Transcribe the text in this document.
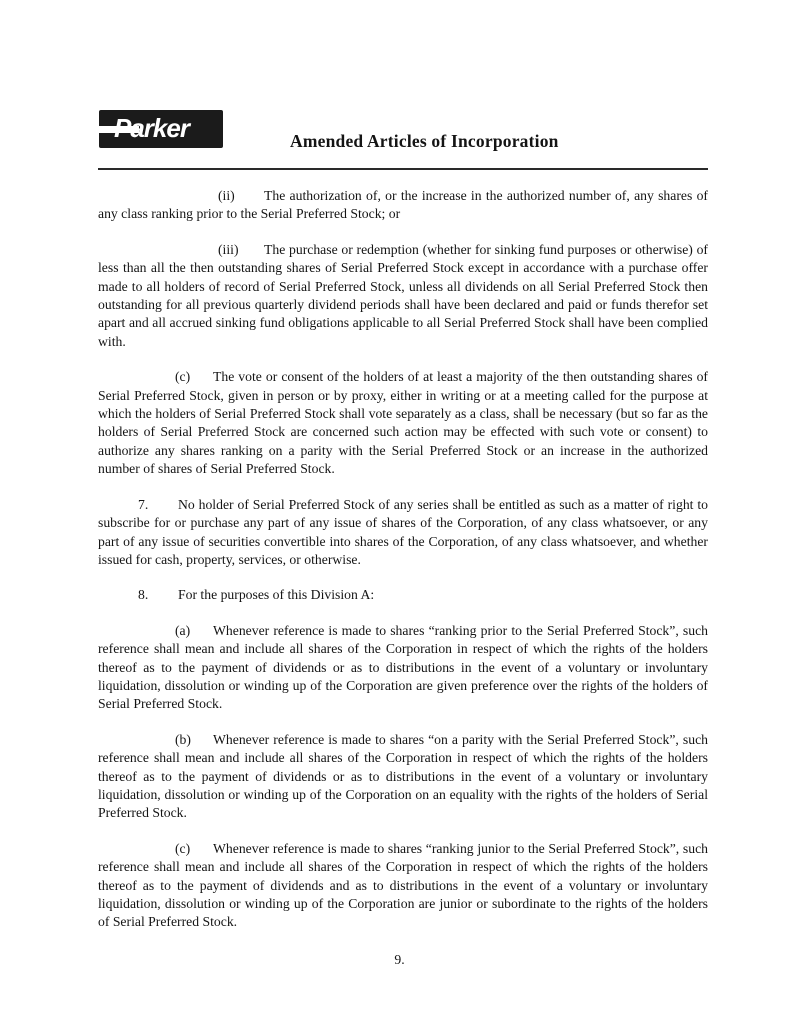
Parker	Amended Articles of Incorporation

(ii) The authorization of, or the increase in the authorized number of, any shares of any class ranking prior to the Serial Preferred Stock; or

(iii) The purchase or redemption (whether for sinking fund purposes or otherwise) of less than all the then outstanding shares of Serial Preferred Stock except in accordance with a purchase offer made to all holders of record of Serial Preferred Stock, unless all dividends on all Serial Preferred Stock then outstanding for all previous quarterly dividend periods shall have been declared and paid or funds therefor set apart and all accrued sinking fund obligations applicable to all Serial Preferred Stock shall have been complied with.

(c) The vote or consent of the holders of at least a majority of the then outstanding shares of Serial Preferred Stock, given in person or by proxy, either in writing or at a meeting called for the purpose at which the holders of Serial Preferred Stock shall vote separately as a class, shall be necessary (but so far as the holders of Serial Preferred Stock are concerned such action may be effected with such vote or consent) to authorize any shares ranking on a parity with the Serial Preferred Stock or an increase in the authorized number of shares of Serial Preferred Stock.

7. No holder of Serial Preferred Stock of any series shall be entitled as such as a matter of right to subscribe for or purchase any part of any issue of shares of the Corporation, of any class whatsoever, or any part of any issue of securities convertible into shares of the Corporation, of any class whatsoever, and whether issued for cash, property, services, or otherwise.

8. For the purposes of this Division A:

(a) Whenever reference is made to shares “ranking prior to the Serial Preferred Stock”, such reference shall mean and include all shares of the Corporation in respect of which the rights of the holders thereof as to the payment of dividends or as to distributions in the event of a voluntary or involuntary liquidation, dissolution or winding up of the Corporation are given preference over the rights of the holders of Serial Preferred Stock.

(b) Whenever reference is made to shares “on a parity with the Serial Preferred Stock”, such reference shall mean and include all shares of the Corporation in respect of which the rights of the holders thereof as to the payment of dividends or as to distributions in the event of a voluntary or involuntary liquidation, dissolution or winding up of the Corporation on an equality with the rights of the holders of Serial Preferred Stock.

(c) Whenever reference is made to shares “ranking junior to the Serial Preferred Stock”, such reference shall mean and include all shares of the Corporation in respect of which the rights of the holders thereof as to the payment of dividends and as to distributions in the event of a voluntary or involuntary liquidation, dissolution or winding up of the Corporation are junior or subordinate to the rights of the holders of Serial Preferred Stock.

9.
